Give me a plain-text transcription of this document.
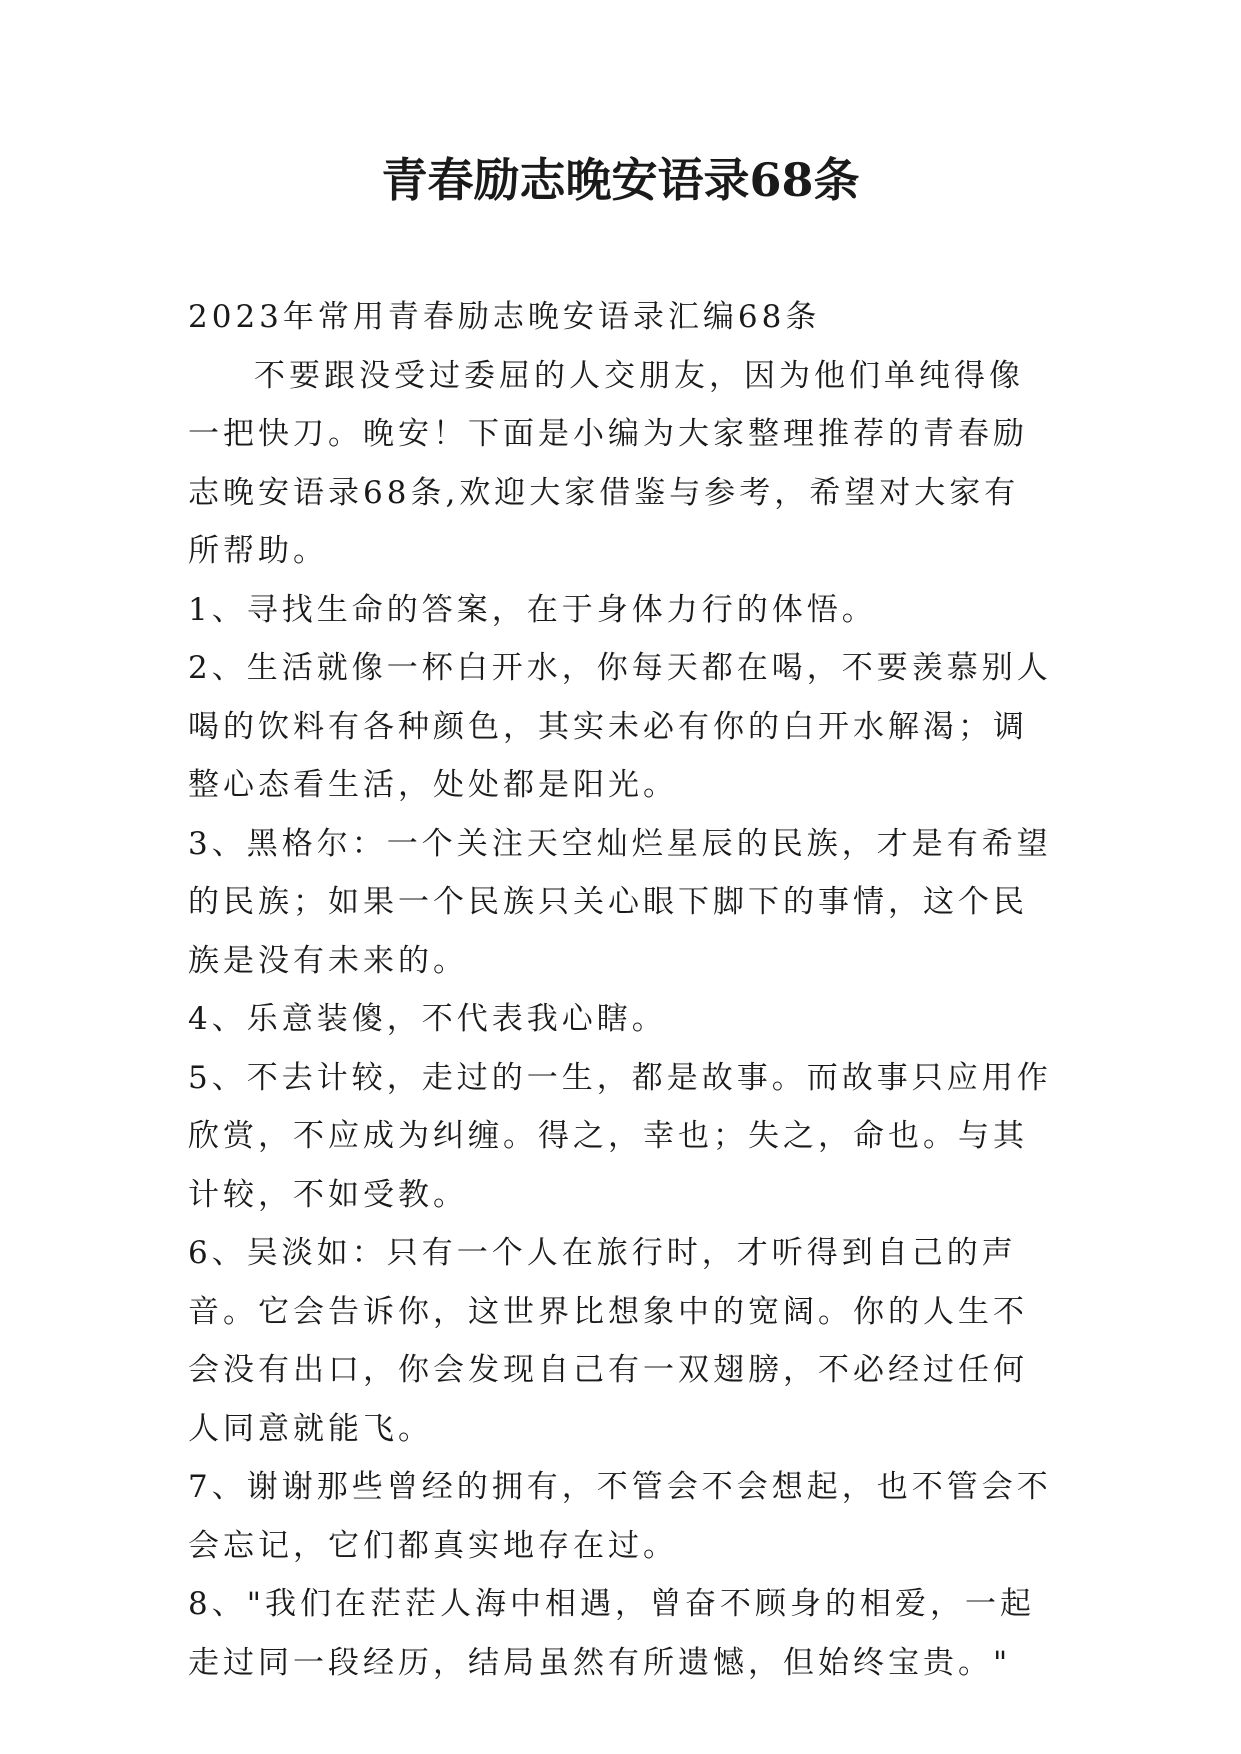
青春励志晚安语录68条

2023年常用青春励志晚安语录汇编68条

不要跟没受过委屈的人交朋友，因为他们单纯得像一把快刀。晚安！下面是小编为大家整理推荐的青春励志晚安语录68条,欢迎大家借鉴与参考，希望对大家有所帮助。

1、寻找生命的答案，在于身体力行的体悟。

2、生活就像一杯白开水，你每天都在喝，不要羡慕别人喝的饮料有各种颜色，其实未必有你的白开水解渴；调整心态看生活，处处都是阳光。

3、黑格尔：一个关注天空灿烂星辰的民族，才是有希望的民族；如果一个民族只关心眼下脚下的事情，这个民族是没有未来的。

4、乐意装傻，不代表我心瞎。

5、不去计较，走过的一生，都是故事。而故事只应用作欣赏，不应成为纠缠。得之，幸也；失之，命也。与其计较，不如受教。

6、吴淡如：只有一个人在旅行时，才听得到自己的声音。它会告诉你，这世界比想象中的宽阔。你的人生不会没有出口，你会发现自己有一双翅膀，不必经过任何人同意就能飞。

7、谢谢那些曾经的拥有，不管会不会想起，也不管会不会忘记，它们都真实地存在过。

8、"我们在茫茫人海中相遇，曾奋不顾身的相爱，一起走过同一段经历，结局虽然有所遗憾，但始终宝贵。"
